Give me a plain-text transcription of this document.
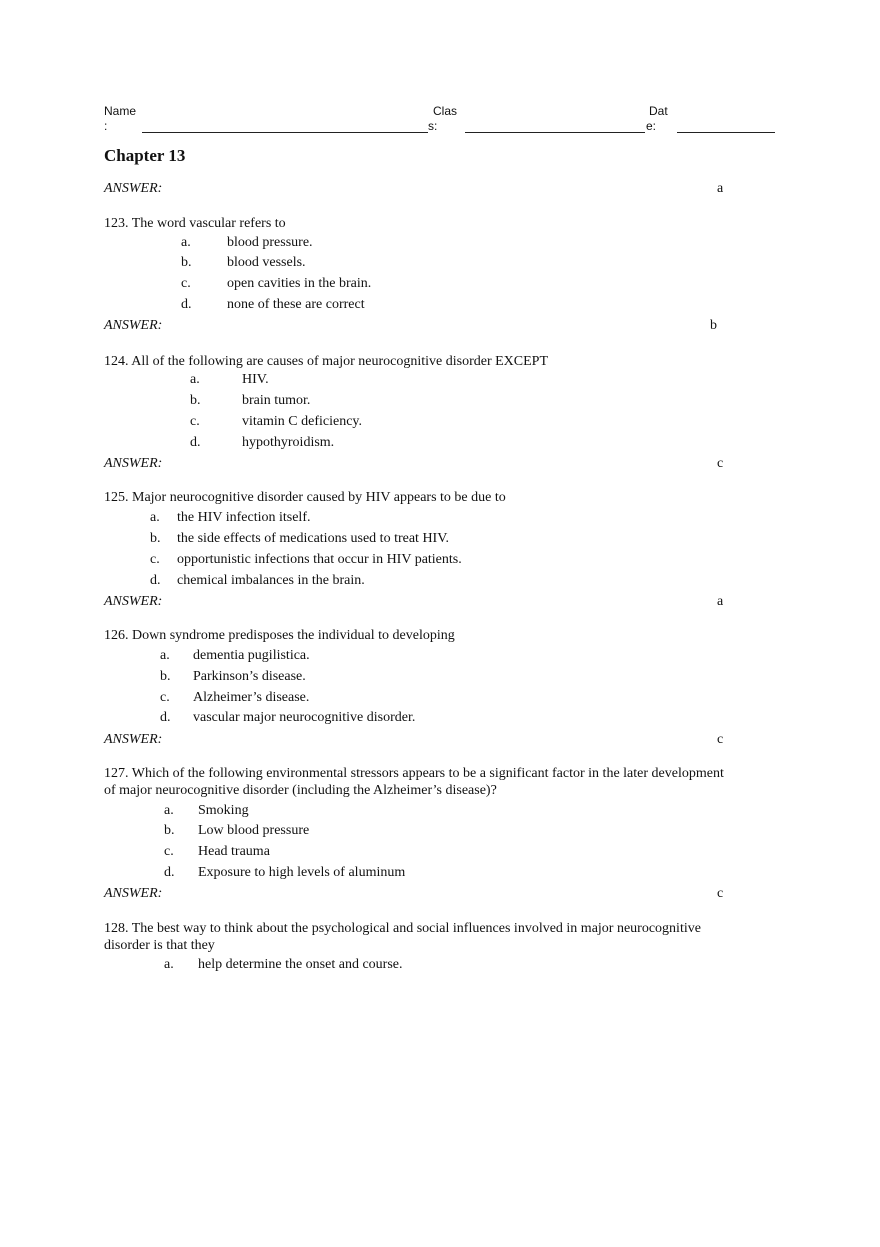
Name
:
Clas
s:
Dat
e:
Chapter 13
ANSWER:	a
123. The word vascular refers to
a.	blood pressure.
b.	blood vessels.
c.	open cavities in the brain.
d.	none of these are correct
ANSWER:	b
124. All of the following are causes of major neurocognitive disorder EXCEPT
a.	HIV.
b.	brain tumor.
c.	vitamin C deficiency.
d.	hypothyroidism.
ANSWER:	c
125. Major neurocognitive disorder caused by HIV appears to be due to
a. the HIV infection itself.
b. the side effects of medications used to treat HIV.
c. opportunistic infections that occur in HIV patients.
d. chemical imbalances in the brain.
ANSWER:	a
126. Down syndrome predisposes the individual to developing
a. dementia pugilistica.
b. Parkinson’s disease.
c. Alzheimer’s disease.
d. vascular major neurocognitive disorder.
ANSWER:	c
127. Which of the following environmental stressors appears to be a significant factor in the later development
of major neurocognitive disorder (including the Alzheimer’s disease)?
a. Smoking
b. Low blood pressure
c. Head trauma
d. Exposure to high levels of aluminum
ANSWER:	c
128. The best way to think about the psychological and social influences involved in major neurocognitive
disorder is that they
a. help determine the onset and course.
